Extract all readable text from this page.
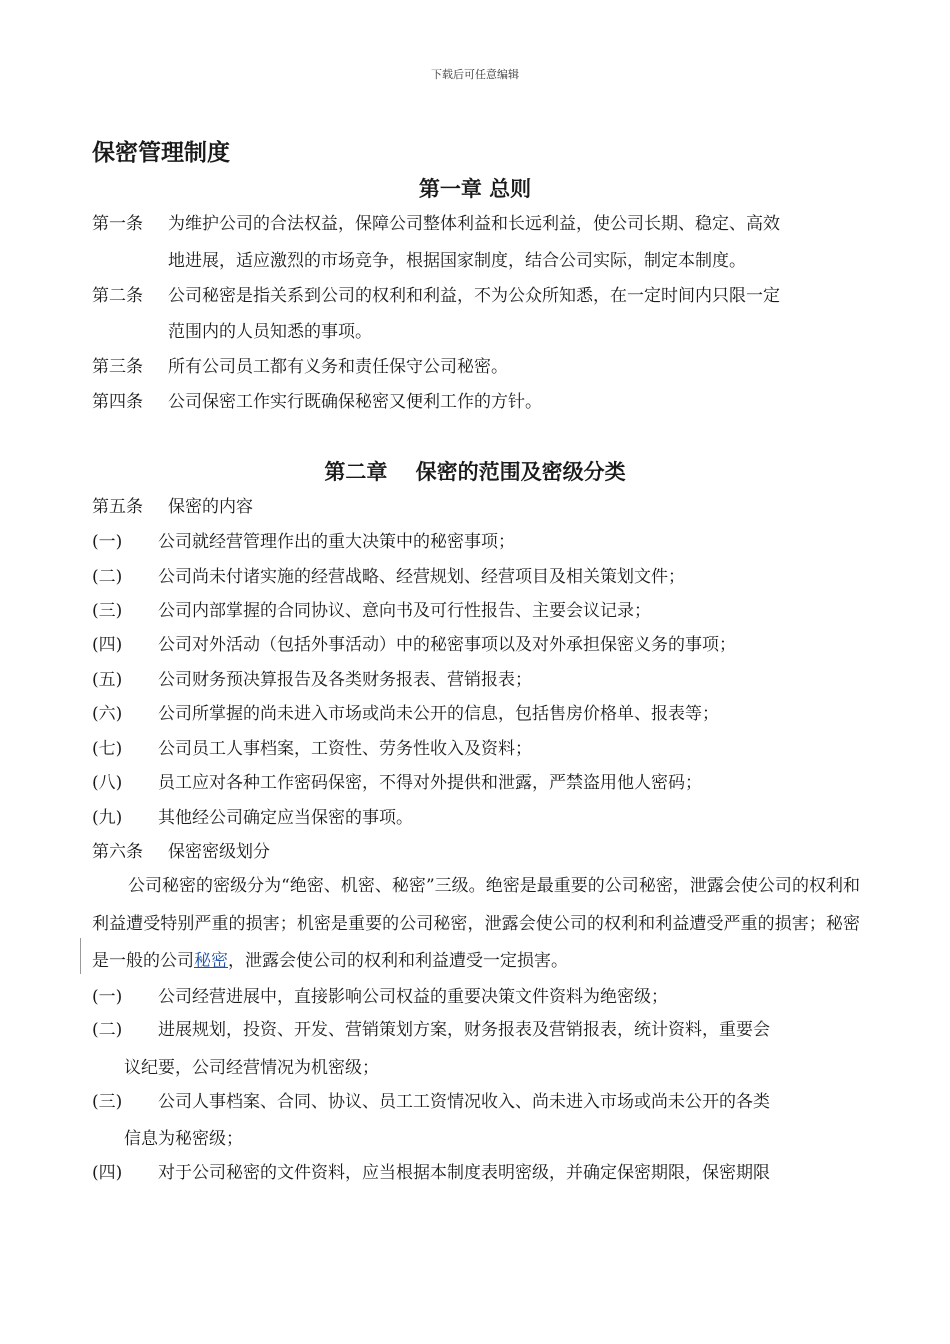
下载后可任意编辑
保密管理制度
第一章 总则
第一条 为维护公司的合法权益，保障公司整体利益和长远利益，使公司长期、稳定、高效
地进展，适应激烈的市场竞争，根据国家制度，结合公司实际，制定本制度。
第二条 公司秘密是指关系到公司的权利和利益，不为公众所知悉，在一定时间内只限一定
范围内的人员知悉的事项。
第三条 所有公司员工都有义务和责任保守公司秘密。
第四条 公司保密工作实行既确保秘密又便利工作的方针。
第二章　 保密的范围及密级分类
第五条 保密的内容
(一) 公司就经营管理作出的重大决策中的秘密事项；
(二) 公司尚未付诸实施的经营战略、经营规划、经营项目及相关策划文件；
(三) 公司内部掌握的合同协议、意向书及可行性报告、主要会议记录；
(四) 公司对外活动（包括外事活动）中的秘密事项以及对外承担保密义务的事项；
(五) 公司财务预决算报告及各类财务报表、营销报表；
(六) 公司所掌握的尚未进入市场或尚未公开的信息，包括售房价格单、报表等；
(七) 公司员工人事档案，工资性、劳务性收入及资料；
(八) 员工应对各种工作密码保密，不得对外提供和泄露，严禁盗用他人密码；
(九) 其他经公司确定应当保密的事项。
第六条 保密密级划分
公司秘密的密级分为“绝密、机密、秘密”三级。绝密是最重要的公司秘密，泄露会使公司的权利和利益遭受特别严重的损害；机密是重要的公司秘密，泄露会使公司的权利和利益遭受严重的损害；秘密是一般的公司秘密，泄露会使公司的权利和利益遭受一定损害。
(一) 公司经营进展中，直接影响公司权益的重要决策文件资料为绝密级；
(二) 进展规划，投资、开发、营销策划方案，财务报表及营销报表，统计资料，重要会
议纪要，公司经营情况为机密级；
(三) 公司人事档案、合同、协议、员工工资情况收入、尚未进入市场或尚未公开的各类
信息为秘密级；
(四) 对于公司秘密的文件资料，应当根据本制度表明密级，并确定保密期限，保密期限
